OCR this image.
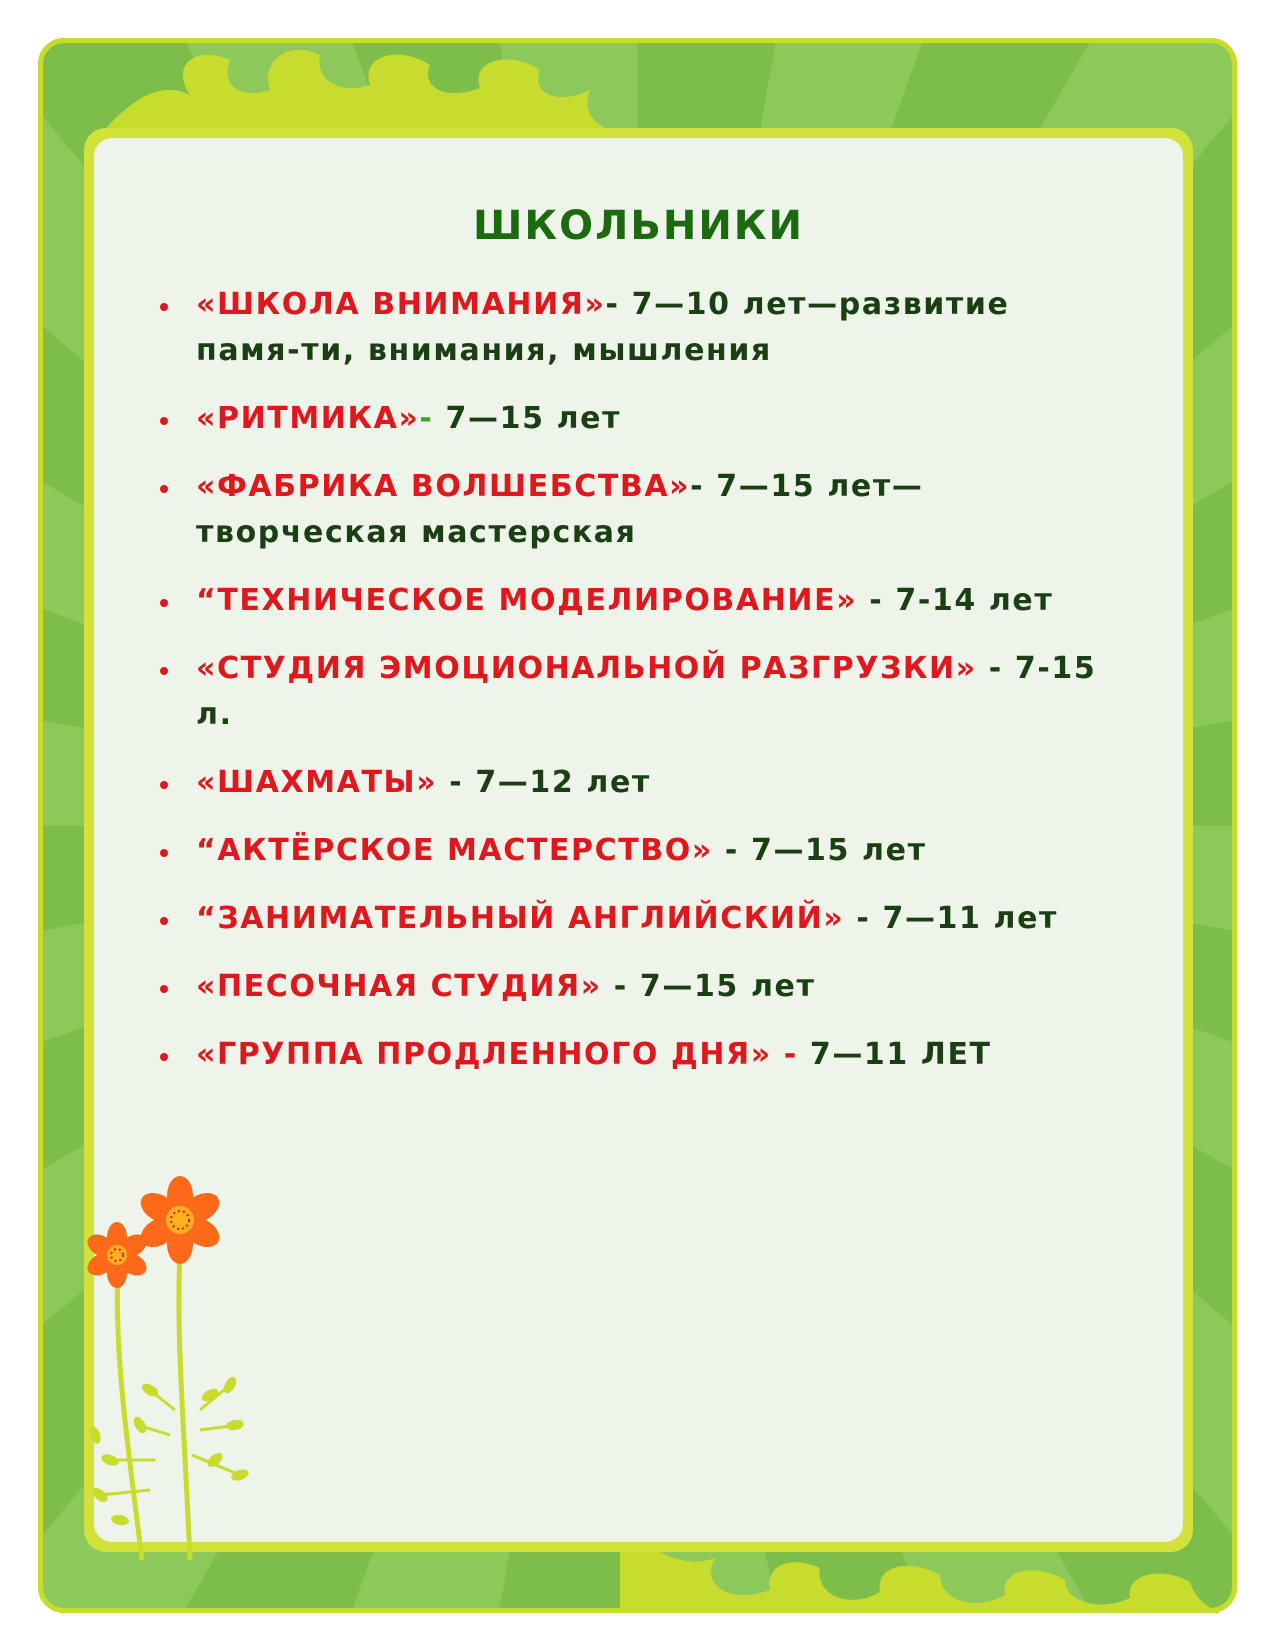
ШКОЛЬНИКИ
«ШКОЛА ВНИМАНИЯ»- 7—10 лет—развитие памя-ти, внимания, мышления
«РИТМИКА»- 7—15 лет
«ФАБРИКА ВОЛШЕБСТВА»- 7—15 лет—творческая мастерская
“ТЕХНИЧЕСКОЕ МОДЕЛИРОВАНИЕ» - 7-14 лет
«СТУДИЯ ЭМОЦИОНАЛЬНОЙ РАЗГРУЗКИ» - 7-15 л.
«ШАХМАТЫ» - 7—12 лет
“АКТЁРСКОЕ МАСТЕРСТВО» - 7—15 лет
“ЗАНИМАТЕЛЬНЫЙ АНГЛИЙСКИЙ» - 7—11 лет
«ПЕСОЧНАЯ СТУДИЯ» - 7—15 лет
«ГРУППА ПРОДЛЕННОГО ДНЯ» - 7—11 ЛЕТ
